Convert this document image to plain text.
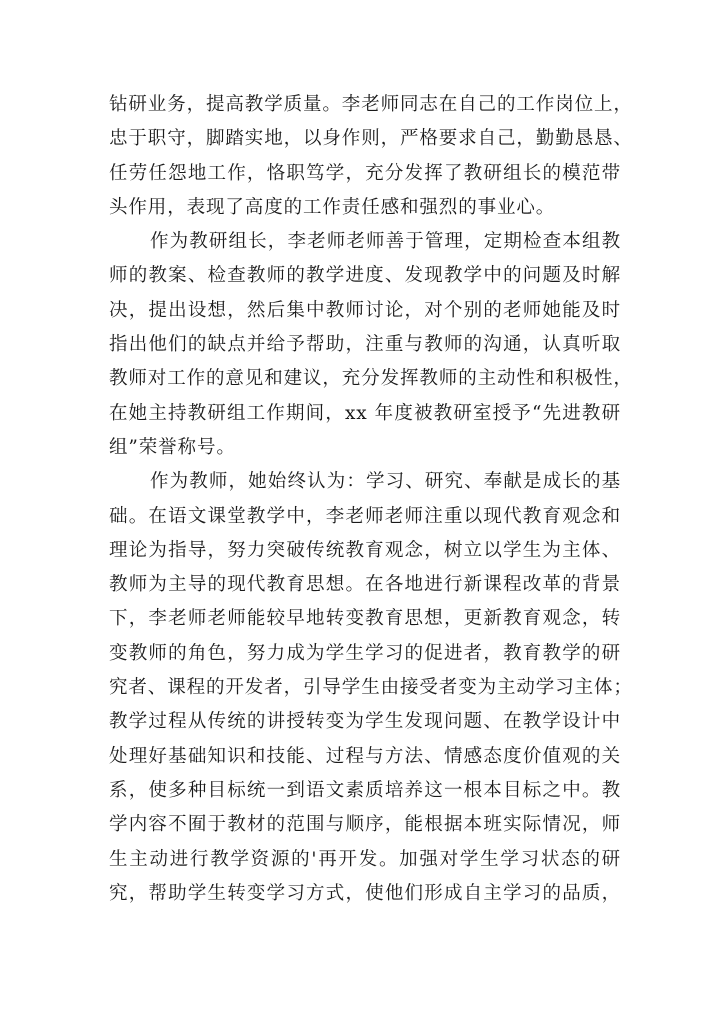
钻研业务，提高教学质量。李老师同志在自己的工作岗位上，
忠于职守，脚踏实地，以身作则，严格要求自己，勤勤恳恳、
任劳任怨地工作，恪职笃学，充分发挥了教研组长的模范带
头作用，表现了高度的工作责任感和强烈的事业心。
作为教研组长，李老师老师善于管理，定期检查本组教
师的教案、检查教师的教学进度、发现教学中的问题及时解
决，提出设想，然后集中教师讨论，对个别的老师她能及时
指出他们的缺点并给予帮助，注重与教师的沟通，认真听取
教师对工作的意见和建议，充分发挥教师的主动性和积极性，
在她主持教研组工作期间，xx 年度被教研室授予“先进教研
组”荣誉称号。
作为教师，她始终认为：学习、研究、奉献是成长的基
础。在语文课堂教学中，李老师老师注重以现代教育观念和
理论为指导，努力突破传统教育观念，树立以学生为主体、
教师为主导的现代教育思想。在各地进行新课程改革的背景
下，李老师老师能较早地转变教育思想，更新教育观念，转
变教师的角色，努力成为学生学习的促进者，教育教学的研
究者、课程的开发者，引导学生由接受者变为主动学习主体；
教学过程从传统的讲授转变为学生发现问题、在教学设计中
处理好基础知识和技能、过程与方法、情感态度价值观的关
系，使多种目标统一到语文素质培养这一根本目标之中。教
学内容不囿于教材的范围与顺序，能根据本班实际情况，师
生主动进行教学资源的'再开发。加强对学生学习状态的研
究，帮助学生转变学习方式，使他们形成自主学习的品质，
